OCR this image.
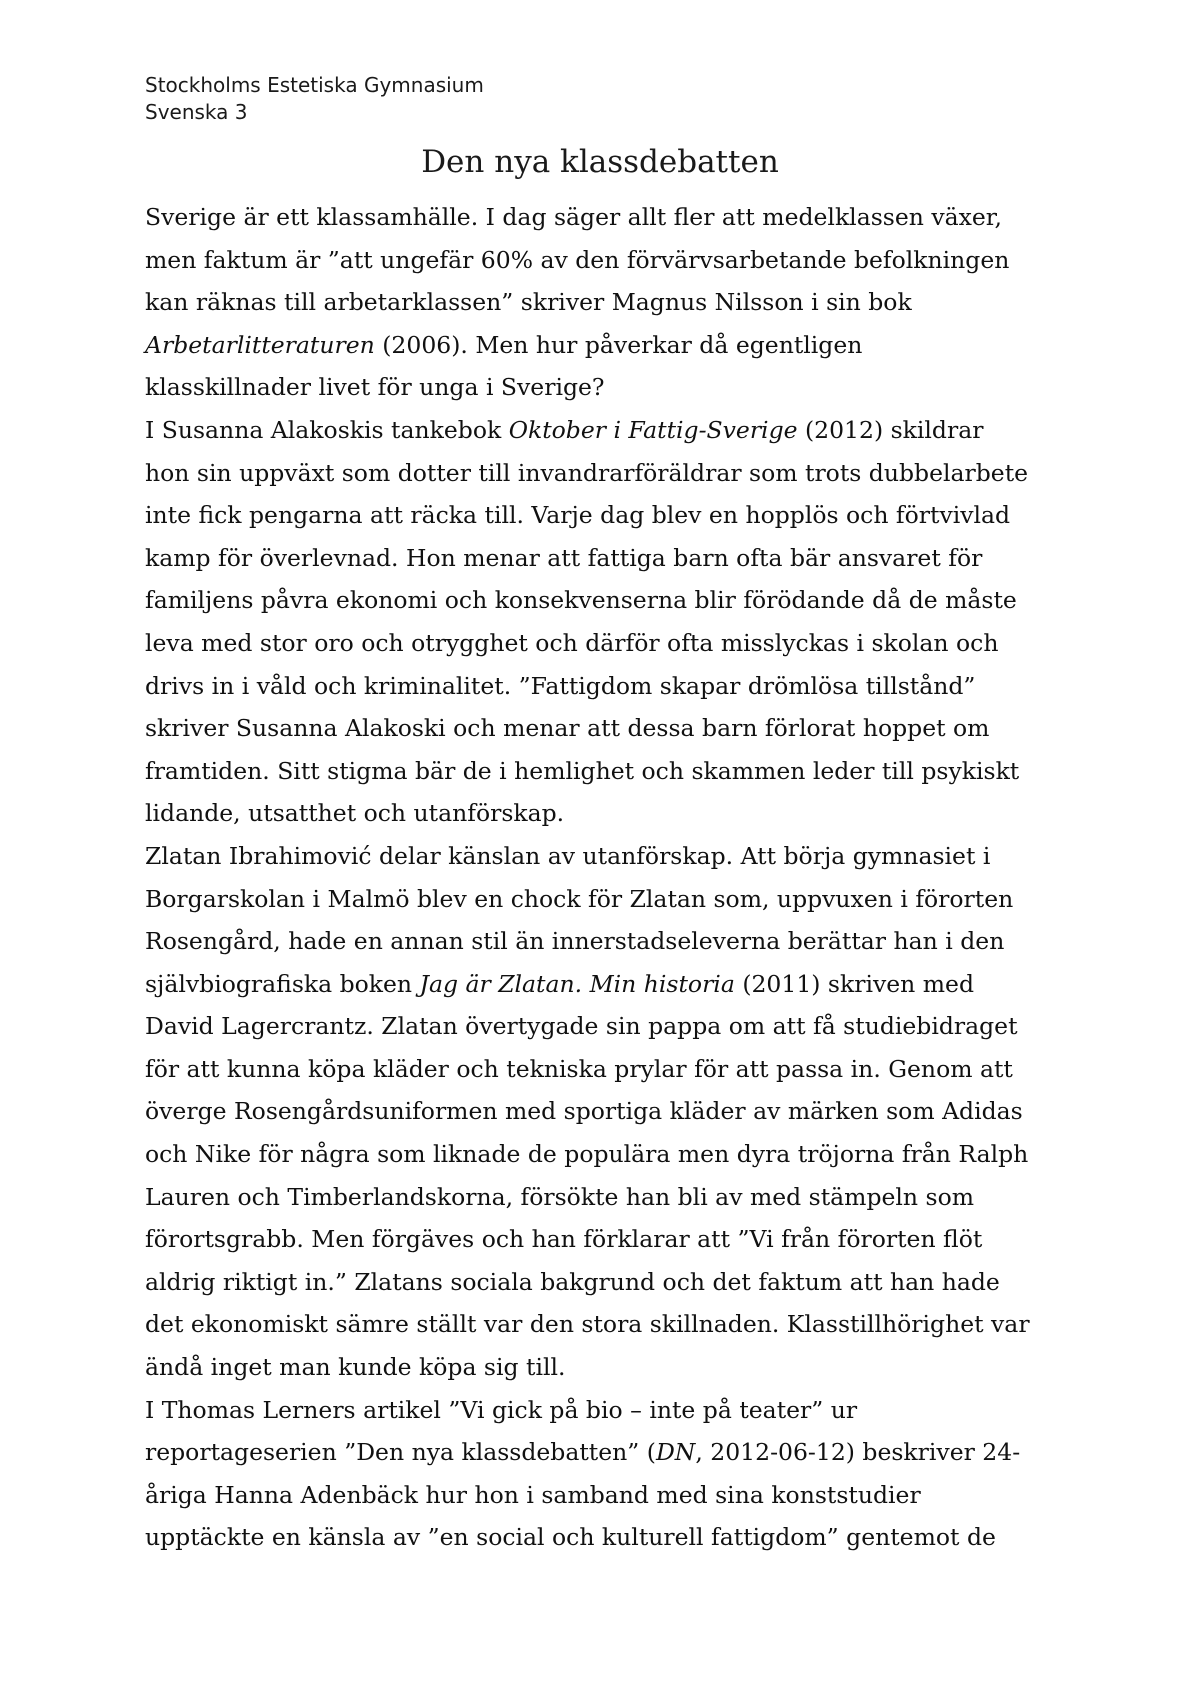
Stockholms Estetiska Gymnasium
Svenska 3
Den nya klassdebatten

Sverige är ett klassamhälle. I dag säger allt fler att medelklassen växer,
men faktum är ”att ungefär 60% av den förvärvsarbetande befolkningen
kan räknas till arbetarklassen” skriver Magnus Nilsson i sin bok
Arbetarlitteraturen (2006). Men hur påverkar då egentligen
klasskillnader livet för unga i Sverige?

I Susanna Alakoskis tankebok Oktober i Fattig-Sverige (2012) skildrar
hon sin uppväxt som dotter till invandrarföräldrar som trots dubbelarbete
inte fick pengarna att räcka till. Varje dag blev en hopplös och förtvivlad
kamp för överlevnad. Hon menar att fattiga barn ofta bär ansvaret för
familjens påvra ekonomi och konsekvenserna blir förödande då de måste
leva med stor oro och otrygghet och därför ofta misslyckas i skolan och
drivs in i våld och kriminalitet. ”Fattigdom skapar drömlösa tillstånd”
skriver Susanna Alakoski och menar att dessa barn förlorat hoppet om
framtiden. Sitt stigma bär de i hemlighet och skammen leder till psykiskt
lidande, utsatthet och utanförskap.

Zlatan Ibrahimović delar känslan av utanförskap. Att börja gymnasiet i
Borgarskolan i Malmö blev en chock för Zlatan som, uppvuxen i förorten
Rosengård, hade en annan stil än innerstadseleverna berättar han i den
självbiografiska boken Jag är Zlatan. Min historia (2011) skriven med
David Lagercrantz. Zlatan övertygade sin pappa om att få studiebidraget
för att kunna köpa kläder och tekniska prylar för att passa in. Genom att
överge Rosengårdsuniformen med sportiga kläder av märken som Adidas
och Nike för några som liknade de populära men dyra tröjorna från Ralph
Lauren och Timberlandskorna, försökte han bli av med stämpeln som
förortsgrabb. Men förgäves och han förklarar att ”Vi från förorten flöt
aldrig riktigt in.” Zlatans sociala bakgrund och det faktum att han hade
det ekonomiskt sämre ställt var den stora skillnaden. Klasstillhörighet var
ändå inget man kunde köpa sig till.

I Thomas Lerners artikel ”Vi gick på bio – inte på teater” ur
reportageserien ”Den nya klassdebatten” (DN, 2012-06-12) beskriver 24-
åriga Hanna Adenbäck hur hon i samband med sina konststudier
upptäckte en känsla av ”en social och kulturell fattigdom” gentemot de
